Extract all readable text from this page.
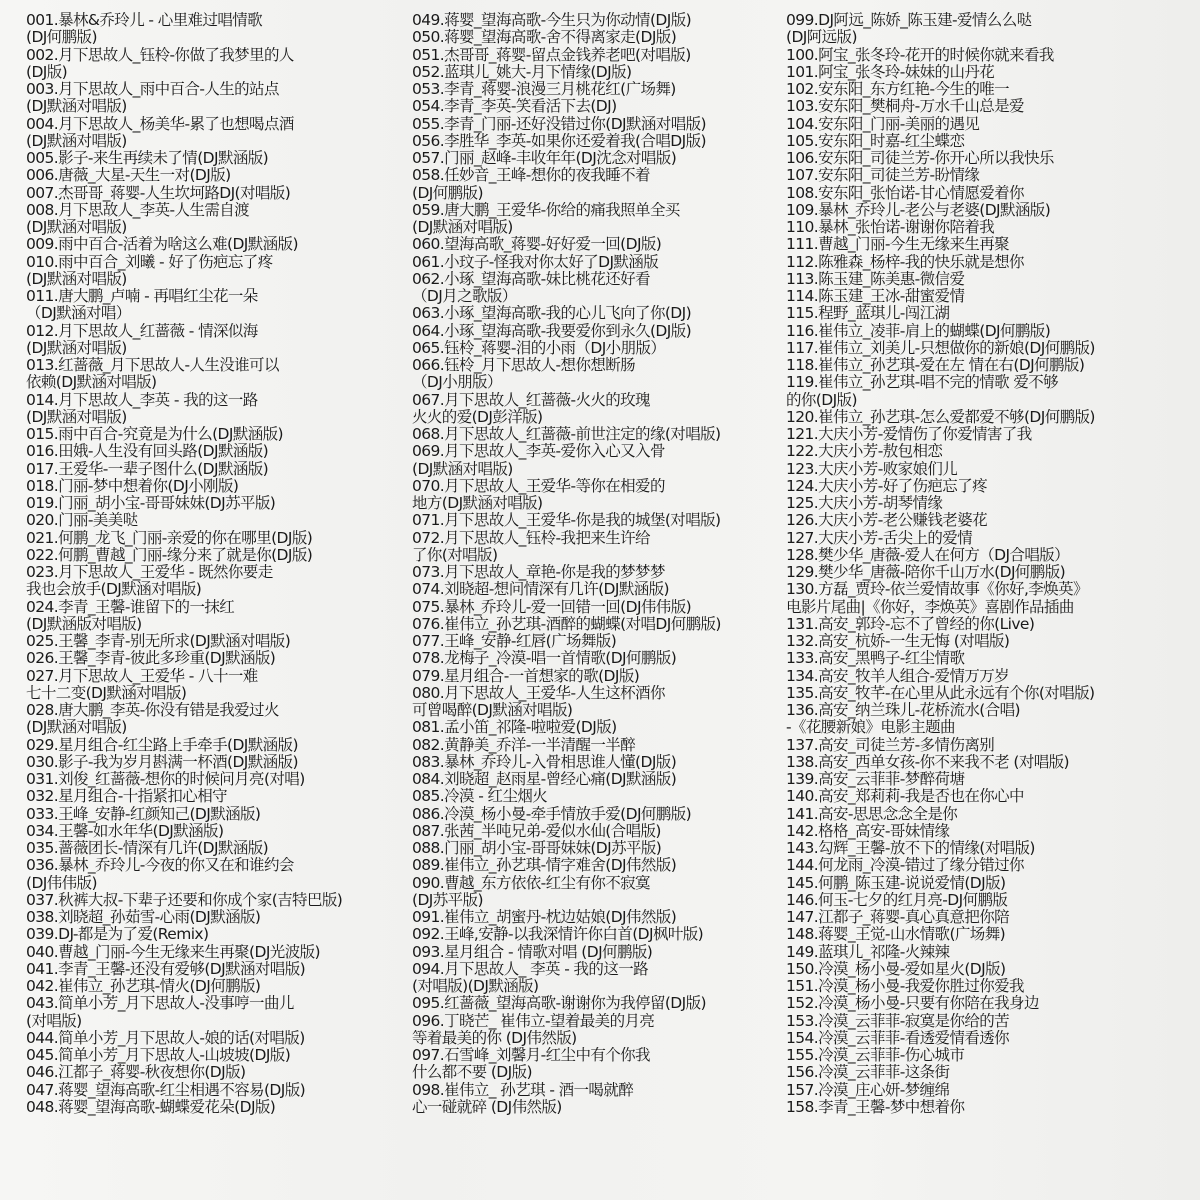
001.暴林&乔玲儿 - 心里难过唱情歌
(DJ何鹏版)
002.月下思故人_钰柃-你做了我梦里的人
(DJ版)
003.月下思故人_雨中百合-人生的站点
(DJ默涵对唱版)
004.月下思故人_杨美华-累了也想喝点酒
(DJ默涵对唱版)
005.影子-来生再续未了情(DJ默涵版)
006.唐薇_大星-天生一对(DJ版)
007.杰哥哥_蒋婴-人生坎坷路DJ(对唱版)
008.月下思故人_李英-人生需自渡
(DJ默涵对唱版)
009.雨中百合-活着为啥这么难(DJ默涵版)
010.雨中百合_刘曦 - 好了伤疤忘了疼
(DJ默涵对唱版)
011.唐大鹏_卢喃 - 再唱红尘花一朵
（DJ默涵对唱）
012.月下思故人_红蔷薇 - 情深似海
(DJ默涵对唱版)
013.红蔷薇_月下思故人-人生没谁可以
依赖(DJ默涵对唱版)
014.月下思故人_李英 - 我的这一路
(DJ默涵对唱版)
015.雨中百合-究竟是为什么(DJ默涵版)
016.田娥-人生没有回头路(DJ默涵版)
017.王爱华-一辈子图什么(DJ默涵版)
018.门丽-梦中想着你(DJ小刚版)
019.门丽_胡小宝-哥哥妹妹(DJ苏平版)
020.门丽-美美哒
021.何鹏_龙飞_门丽-亲爱的你在哪里(DJ版)
022.何鹏_曹越_门丽-缘分来了就是你(DJ版)
023.月下思故人_王爱华 - 既然你要走
我也会放手(DJ默涵对唱版)
024.李青_王馨-谁留下的一抹红
(DJ默涵版对唱版)
025.王馨_李青-别无所求(DJ默涵对唱版)
026.王馨_李青-彼此多珍重(DJ默涵版)
027.月下思故人_王爱华 - 八十一难
七十二变(DJ默涵对唱版)
028.唐大鹏_李英-你没有错是我爱过火
(DJ默涵对唱版)
029.星月组合-红尘路上手牵手(DJ默涵版)
030.影子-我为岁月斟满一杯酒(DJ默涵版)
031.刘俊_红蔷薇-想你的时候问月亮(对唱)
032.星月组合-十指紧扣心相守
033.王峰_安静-红颜知己(DJ默涵版)
034.王馨-如水年华(DJ默涵版)
035.蔷薇团长-情深有几许(DJ默涵版)
036.暴林_乔玲儿-今夜的你又在和谁约会
(DJ伟伟版)
037.秋裤大叔-下辈子还要和你成个家(吉特巴版)
038.刘晓超_孙茹雪-心雨(DJ默涵版)
039.DJ-都是为了爱(Remix)
040.曹越_门丽-今生无缘来生再聚(DJ光波版)
041.李青_王馨-还没有爱够(DJ默涵对唱版)
042.崔伟立_孙艺琪-情火(DJ何鹏版)
043.简单小芳_月下思故人-没事哼一曲儿
(对唱版)
044.简单小芳_月下思故人-娘的话(对唱版)
045.简单小芳_月下思故人-山坡坡(DJ版)
046.江都子_蒋婴-秋夜想你(DJ版)
047.蒋婴_望海高歌-红尘相遇不容易(DJ版)
048.蒋婴_望海高歌-蝴蝶爱花朵(DJ版)
049.蒋婴_望海高歌-今生只为你动情(DJ版)
050.蒋婴_望海高歌-舍不得离家走(DJ版)
051.杰哥哥_蒋婴-留点金钱养老吧(对唱版)
052.蓝琪儿_姚大-月下情缘(DJ版)
053.李青_蒋婴-浪漫三月桃花红(广场舞)
054.李青_李英-笑看活下去(DJ)
055.李青_门丽-还好没错过你(DJ默涵对唱版)
056.李胜华_李英-如果你还爱着我(合唱DJ版)
057.门丽_赵峰-丰收年年(DJ沈念对唱版)
058.任妙音_王峰-想你的夜我睡不着
(DJ何鹏版)
059.唐大鹏_王爱华-你给的痛我照单全买
(DJ默涵对唱版)
060.望海高歌_蒋婴-好好爱一回(DJ版)
061.小玟子-怪我对你太好了DJ默涵版
062.小琢_望海高歌-妹比桃花还好看
（DJ月之歌版）
063.小琢_望海高歌-我的心儿飞向了你(DJ)
064.小琢_望海高歌-我要爱你到永久(DJ版)
065.钰柃_蒋婴-泪的小雨（DJ小朋版）
066.钰柃_月下思故人-想你想断肠
（DJ小朋版）
067.月下思故人_红蔷薇-火火的玫瑰
火火的爱(DJ彭洋版)
068.月下思故人_红蔷薇-前世注定的缘(对唱版)
069.月下思故人_李英-爱你入心又入骨
(DJ默涵对唱版)
070.月下思故人_王爱华-等你在相爱的
地方(DJ默涵对唱版)
071.月下思故人_王爱华-你是我的城堡(对唱版)
072.月下思故人_钰柃-我把来生许给
了你(对唱版)
073.月下思故人_章艳-你是我的梦梦梦
074.刘晓超-想问情深有几许(DJ默涵版)
075.暴林_乔玲儿-爱一回错一回(DJ伟伟版)
076.崔伟立_孙艺琪-酒醉的蝴蝶(对唱DJ何鹏版)
077.王峰_安静-红唇(广场舞版)
078.龙梅子_冷漠-唱一首情歌(DJ何鹏版)
079.星月组合-一首想家的歌(DJ版)
080.月下思故人_王爱华-人生这杯酒你
可曾喝醉(DJ默涵对唱版)
081.孟小笛_祁隆-啦啦爱(DJ版)
082.黄静美_乔洋-一半清醒一半醉
083.暴林_乔玲儿-入骨相思谁人懂(DJ版)
084.刘晓超_赵雨星-曾经心痛(DJ默涵版)
085.冷漠 - 红尘烟火
086.冷漠_杨小曼-牵手情放手爱(DJ何鹏版)
087.张茜_半吨兄弟-爱似水仙(合唱版)
088.门丽_胡小宝-哥哥妹妹(DJ苏平版)
089.崔伟立_孙艺琪-情字难舍(DJ伟然版)
090.曹越_东方依依-红尘有你不寂寞
(DJ苏平版)
091.崔伟立_胡蜜丹-枕边姑娘(DJ伟然版)
092.王峰,安静-以我深情许你白首(DJ枫叶版)
093.星月组合 - 情歌对唱 (DJ何鹏版)
094.月下思故人_ 李英 - 我的这一路
(对唱版)(DJ默涵版)
095.红蔷薇_望海高歌-谢谢你为我停留(DJ版)
096.丁晓芒_ 崔伟立-望着最美的月亮
等着最美的你 (DJ伟然版)
097.石雪峰_刘馨月-红尘中有个你我
什么都不要 (DJ版)
098.崔伟立_ 孙艺琪 - 酒一喝就醉
心一碰就碎 (DJ伟然版)
099.DJ阿远_陈娇_陈玉建-爱情么么哒
(DJ阿远版)
100.阿宝_张冬玲-花开的时候你就来看我
101.阿宝_张冬玲-妹妹的山丹花
102.安东阳_东方红艳-今生的唯一
103.安东阳_樊桐舟-万水千山总是爱
104.安东阳_门丽-美丽的遇见
105.安东阳_时嘉-红尘蝶恋
106.安东阳_司徒兰芳-你开心所以我快乐
107.安东阳_司徒兰芳-盼情缘
108.安东阳_张怡诺-甘心情愿爱着你
109.暴林_乔玲儿-老公与老婆(DJ默涵版)
110.暴林_张怡诺-谢谢你陪着我
111.曹越_门丽-今生无缘来生再聚
112.陈雅森_杨梓-我的快乐就是想你
113.陈玉建_陈美惠-微信爱
114.陈玉建_王冰-甜蜜爱情
115.程野_蓝琪儿-闯江湖
116.崔伟立_凌菲-肩上的蝴蝶(DJ何鹏版)
117.崔伟立_刘美儿-只想做你的新娘(DJ何鹏版)
118.崔伟立_孙艺琪-爱在左 情在右(DJ何鹏版)
119.崔伟立_孙艺琪-唱不完的情歌 爱不够
的你(DJ版)
120.崔伟立_孙艺琪-怎么爱都爱不够(DJ何鹏版)
121.大庆小芳-爱情伤了你爱情害了我
122.大庆小芳-敖包相恋
123.大庆小芳-败家娘们儿
124.大庆小芳-好了伤疤忘了疼
125.大庆小芳-胡琴情缘
126.大庆小芳-老公赚钱老婆花
127.大庆小芳-舌尖上的爱情
128.樊少华_唐薇-爱人在何方（DJ合唱版）
129.樊少华_唐薇-陪你千山万水(DJ何鹏版)
130.方磊_贾玲-依兰爱情故事《你好,李焕英》
电影片尾曲|《你好，李焕英》喜剧作品插曲
131.高安_郭玲-忘不了曾经的你(Live)
132.高安_杭娇-一生无悔 (对唱版)
133.高安_黑鸭子-红尘情歌
134.高安_牧羊人组合-爱情万万岁
135.高安_牧芊-在心里从此永远有个你(对唱版)
136.高安_纳兰珠儿-花桥流水(合唱)
-《花腰新娘》电影主题曲
137.高安_司徒兰芳-多情伤离别
138.高安_西单女孩-你不来我不老 (对唱版)
139.高安_云菲菲-梦醉荷塘
140.高安_郑莉莉-我是否也在你心中
141.高安-思思念念全是你
142.格格_高安-哥妹情缘
143.勾辉_王馨-放不下的情缘(对唱版)
144.何龙雨_冷漠-错过了缘分错过你
145.何鹏_陈玉建-说说爱情(DJ版)
146.何玉-七夕的红月亮-DJ何鹏版
147.江都子_蒋婴-真心真意把你陪
148.蒋婴_王觉-山水情歌(广场舞)
149.蓝琪儿_祁隆-火辣辣
150.冷漠_杨小曼-爱如星火(DJ版)
151.冷漠_杨小曼-我爱你胜过你爱我
152.冷漠_杨小曼-只要有你陪在我身边
153.冷漠_云菲菲-寂寞是你给的苦
154.冷漠_云菲菲-看透爱情看透你
155.冷漠_云菲菲-伤心城市
156.冷漠_云菲菲-这条街
157.冷漠_庄心妍-梦缠绵
158.李青_王馨-梦中想着你
